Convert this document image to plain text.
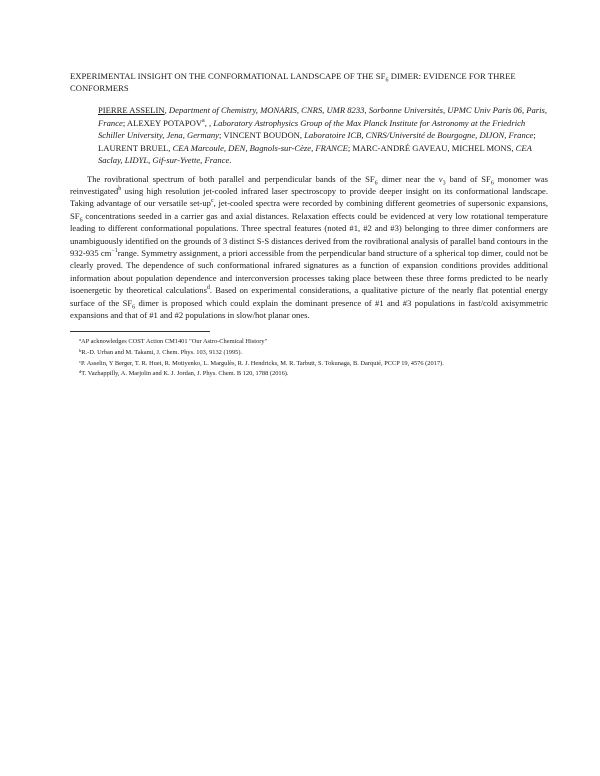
EXPERIMENTAL INSIGHT ON THE CONFORMATIONAL LANDSCAPE OF THE $SF_6$ DIMER: EVIDENCE FOR THREE CONFORMERS
PIERRE ASSELIN, Department of Chemistry, MONARIS, CNRS, UMR 8233, Sorbonne Universités, UPMC Univ Paris 06, Paris, France; ALEXEY POTAPOV$^a$, , Laboratory Astrophysics Group of the Max Planck Institute for Astronomy at the Friedrich Schiller University, Jena, Germany; VINCENT BOUDON, Laboratoire ICB, CNRS/Université de Bourgogne, DIJON, France; LAURENT BRUEL, CEA Marcoule, DEN, Bagnols-sur-Cèze, FRANCE; MARC-ANDRÉ GAVEAU, MICHEL MONS, CEA Saclay, LIDYL, Gif-sur-Yvette, France.

The rovibrational spectrum of both parallel and perpendicular bands of the $SF_6$ dimer near the $\nu_3$ band of $SF_6$ monomer was reinvestigated$^b$ using high resolution jet-cooled infrared laser spectroscopy to provide deeper insight on its conformational landscape. Taking advantage of our versatile set-$up^c$, jet-cooled spectra were recorded by combining different geometries of supersonic expansions, $SF_6$ concentrations seeded in a carrier gas and axial distances. Relaxation effects could be evidenced at very low rotational temperature leading to different conformational populations. Three spectral features (noted #1, #2 and #3) belonging to three dimer conformers are unambiguously identified on the grounds of 3 distinct S-S distances derived from the rovibrational analysis of parallel band contours in the 932-935 $cm^{-1}range$. Symmetry assignment, a priori accessible from the perpendicular band structure of a spherical top dimer, could not be clearly proved. The dependence of such conformational infrared signatures as a function of expansion conditions provides additional information about population dependence and interconversion processes taking place between these three forms predicted to be nearly isoenergetic by theoretical calculations$^d$. Based on experimental considerations, a qualitative picture of the nearly flat potential energy surface of the $SF_6$ dimer is proposed which could explain the dominant presence of #1 and #3 populations in fast/cold axisymmetric expansions and that of #1 and #2 populations in slow/hot planar ones.

$^a$AP acknowledges COST Action CM1401 "Our Astro-Chemical History"
$^b$R.-D. Urban and M. Takami, J. Chem. Phys. 103, 9132 (1995).
$^c$P. Asselin, Y Berger, T. R. Huet, R. Motiyenko, L. Margulès, R. J. Hendricks, M. R. Tarbutt, S. Tokunaga, B. Darquié, PCCP 19, 4576 (2017).
$^d$T. Vazhappilly, A. Marjolin and K. J. Jordan, J. Phys. Chem. B 120, 1788 (2016).
